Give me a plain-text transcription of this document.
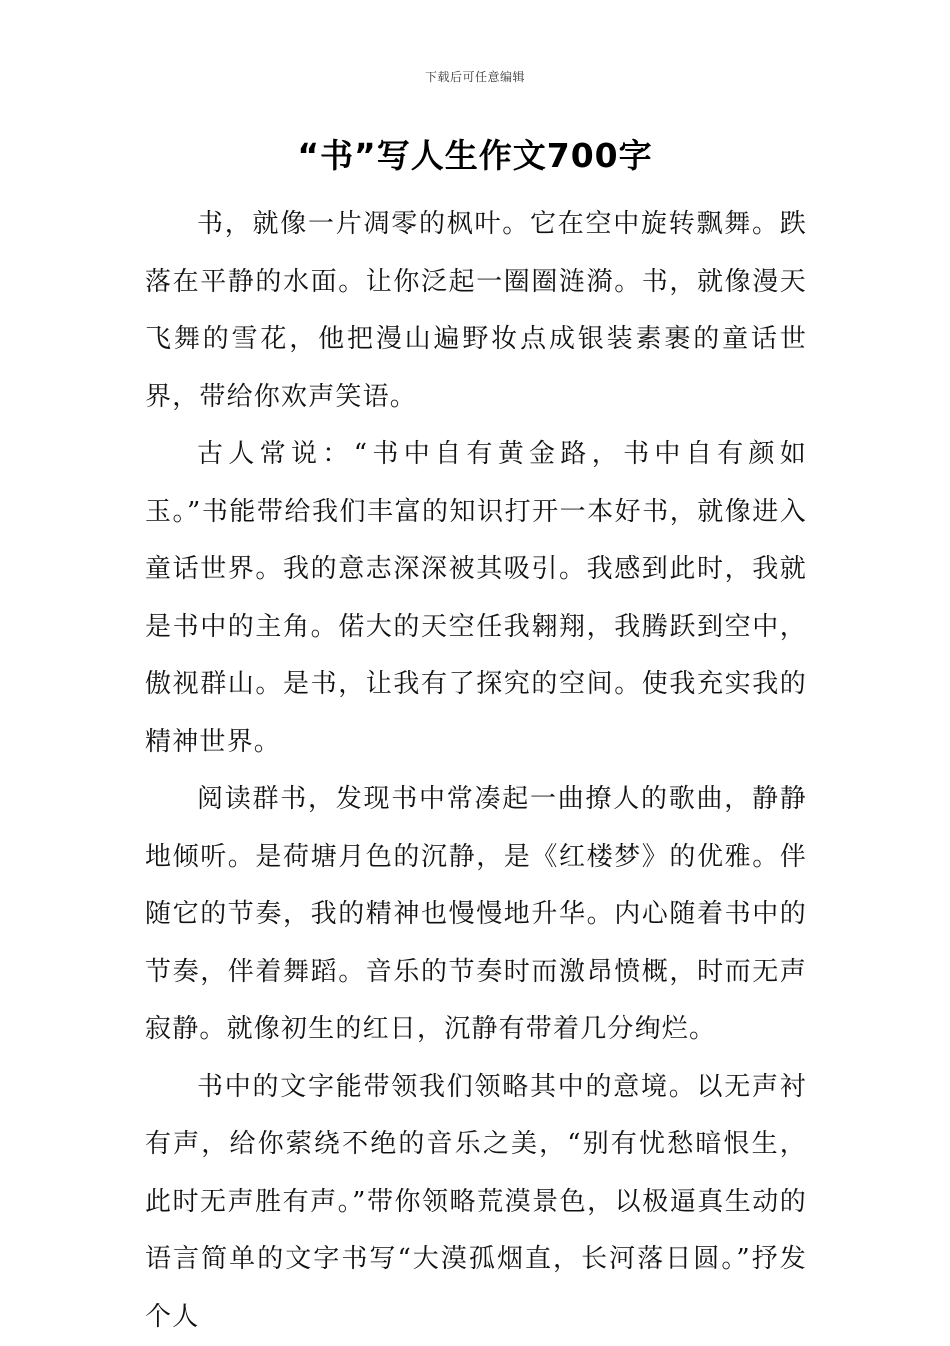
下载后可任意编辑
“书”写人生作文700字

书，就像一片凋零的枫叶。它在空中旋转飘舞。跌落在平静的水面。让你泛起一圈圈涟漪。书，就像漫天飞舞的雪花，他把漫山遍野妆点成银装素裹的童话世界，带给你欢声笑语。

古人常说：“书中自有黄金路，书中自有颜如玉。”书能带给我们丰富的知识打开一本好书，就像进入童话世界。我的意志深深被其吸引。我感到此时，我就是书中的主角。偌大的天空任我翱翔，我腾跃到空中，傲视群山。是书，让我有了探究的空间。使我充实我的精神世界。

阅读群书，发现书中常凑起一曲撩人的歌曲，静静地倾听。是荷塘月色的沉静，是《红楼梦》的优雅。伴随它的节奏，我的精神也慢慢地升华。内心随着书中的节奏，伴着舞蹈。音乐的节奏时而激昂愤概，时而无声寂静。就像初生的红日，沉静有带着几分绚烂。

书中的文字能带领我们领略其中的意境。以无声衬有声，给你萦绕不绝的音乐之美，“别有忧愁暗恨生，此时无声胜有声。”带你领略荒漠景色，以极逼真生动的语言简单的文字书写“大漠孤烟直，长河落日圆。”抒发个人
